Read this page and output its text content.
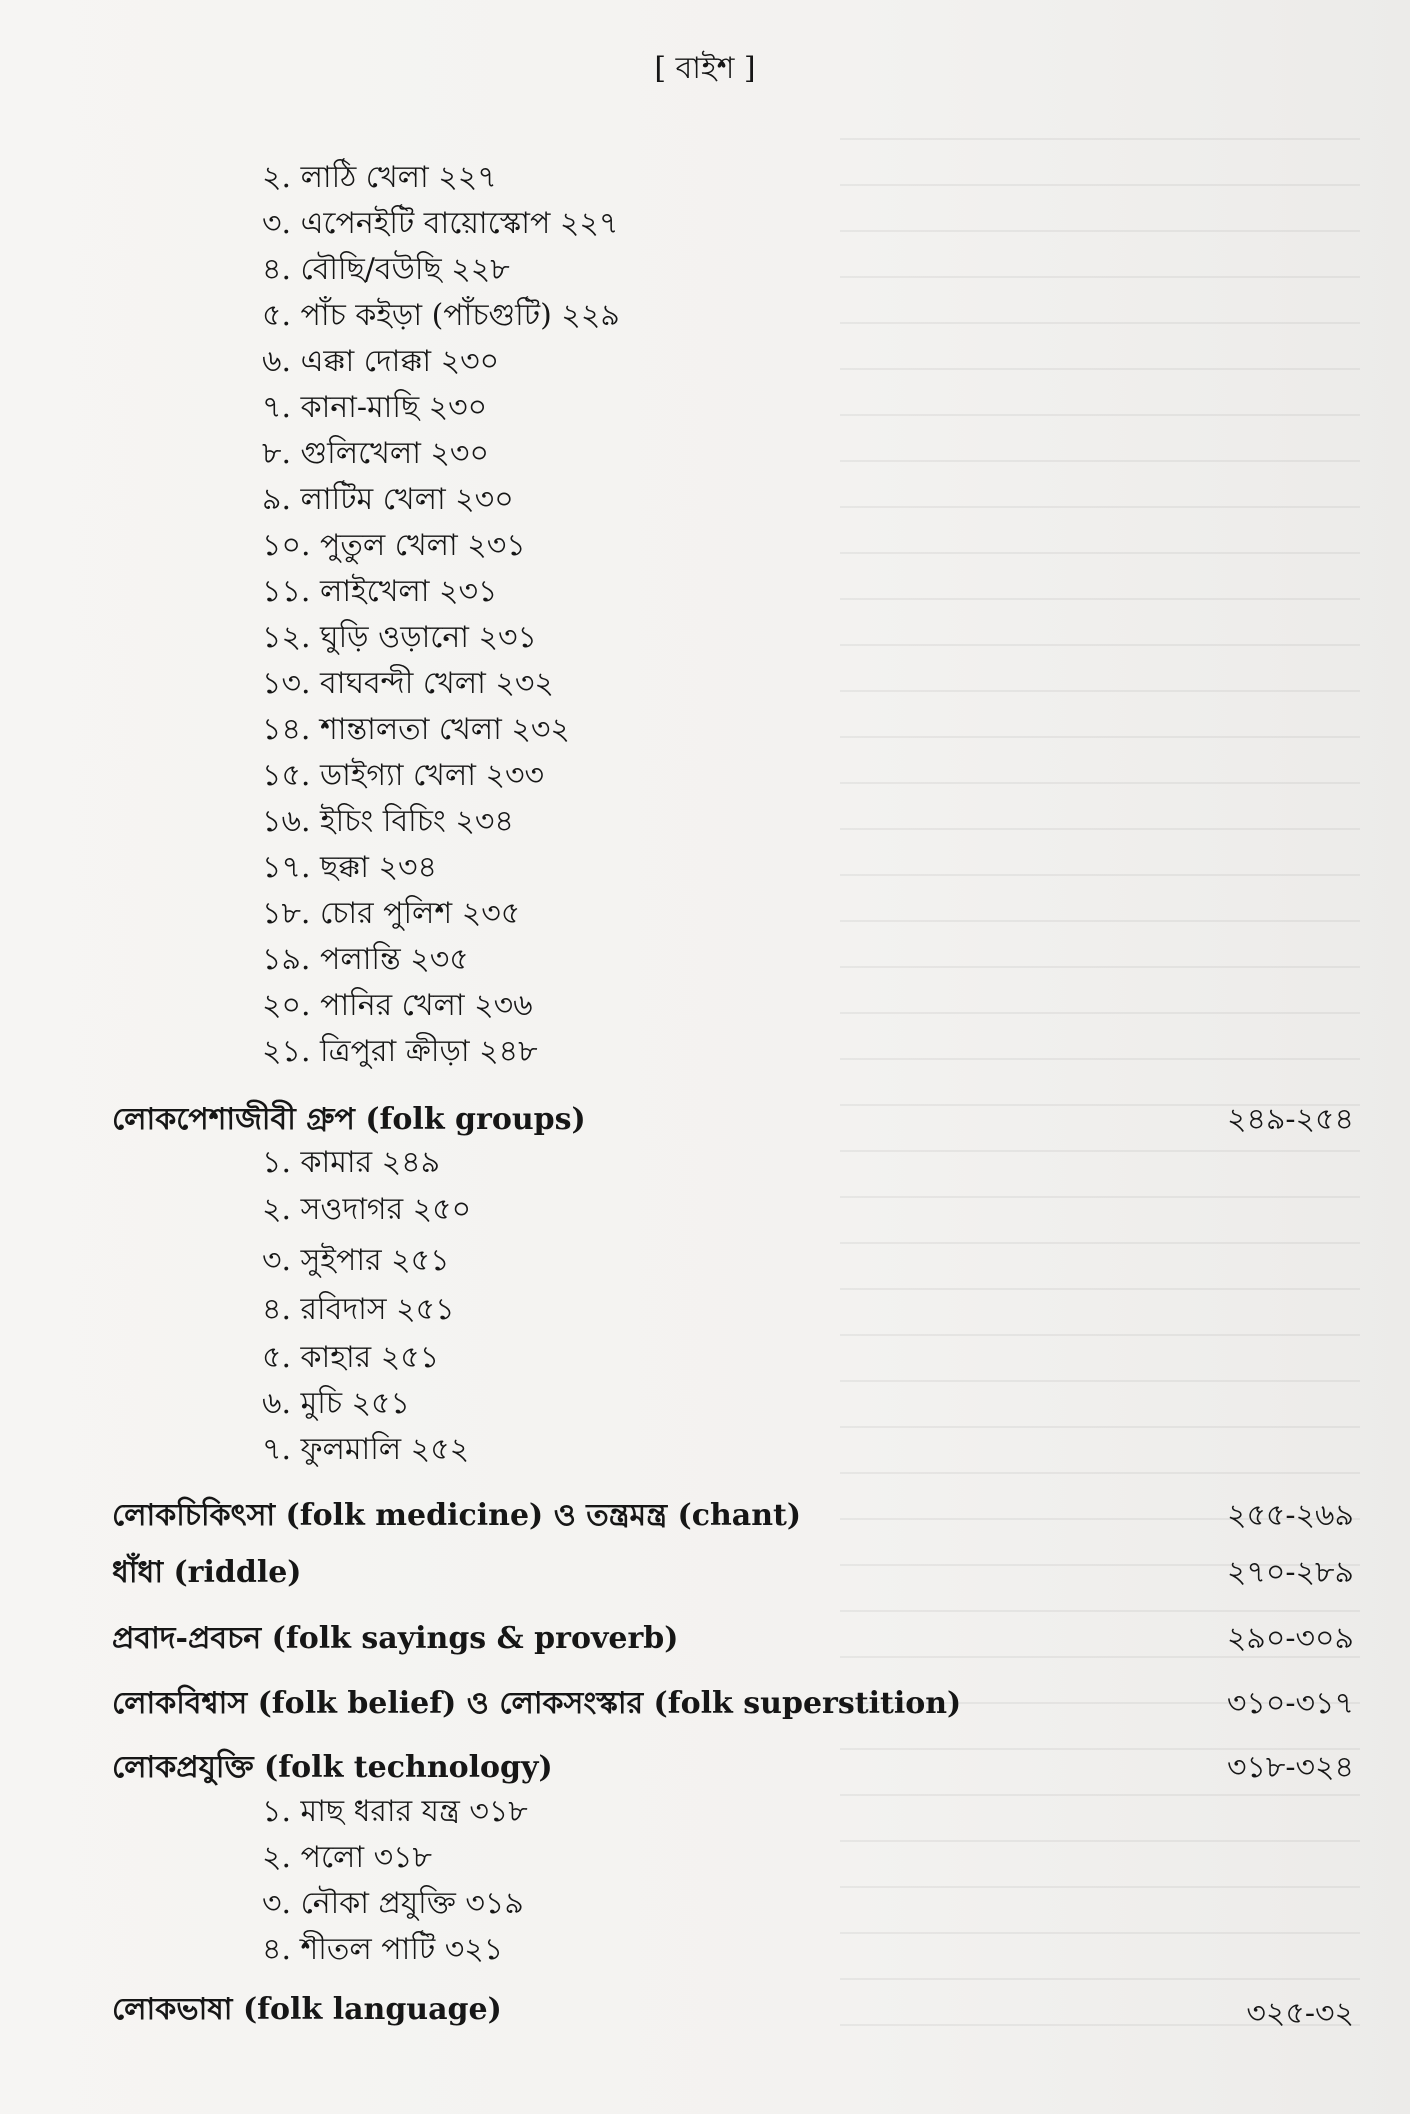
[ বাইশ ]
২. লাঠি খেলা ২২৭
৩. এপেনইটি বায়োস্কোপ ২২৭
৪. বৌছি/বউছি ২২৮
৫. পাঁচ কইড়া (পাঁচগুটি) ২২৯
৬. এক্কা দোক্কা ২৩০
৭. কানা-মাছি ২৩০
৮. গুলিখেলা ২৩০
৯. লাটিম খেলা ২৩০
১০. পুতুল খেলা ২৩১
১১. লাইখেলা ২৩১
১২. ঘুড়ি ওড়ানো ২৩১
১৩. বাঘবন্দী খেলা ২৩২
১৪. শান্তালতা খেলা ২৩২
১৫. ডাইগ্যা খেলা ২৩৩
১৬. ইচিং বিচিং ২৩৪
১৭. ছক্কা ২৩৪
১৮. চোর পুলিশ ২৩৫
১৯. পলান্তি ২৩৫
২০. পানির খেলা ২৩৬
২১. ত্রিপুরা ক্রীড়া ২৪৮
লোকপেশাজীবী গ্রুপ (folk groups)	২৪৯-২৫৪
১. কামার ২৪৯
২. সওদাগর ২৫০
৩. সুইপার ২৫১
৪. রবিদাস ২৫১
৫. কাহার ২৫১
৬. মুচি ২৫১
৭. ফুলমালি ২৫২
লোকচিকিৎসা (folk medicine) ও তন্ত্রমন্ত্র (chant)	২৫৫-২৬৯
ধাঁধা (riddle)	২৭০-২৮৯
প্রবাদ-প্রবচন (folk sayings & proverb)	২৯০-৩০৯
লোকবিশ্বাস (folk belief) ও লোকসংস্কার (folk superstition)	৩১০-৩১৭
লোকপ্রযুক্তি (folk technology)	৩১৮-৩২৪
১. মাছ ধরার যন্ত্র ৩১৮
২. পলো ৩১৮
৩. নৌকা প্রযুক্তি ৩১৯
৪. শীতল পাটি ৩২১
লোকভাষা (folk language)	৩২৫-৩২
